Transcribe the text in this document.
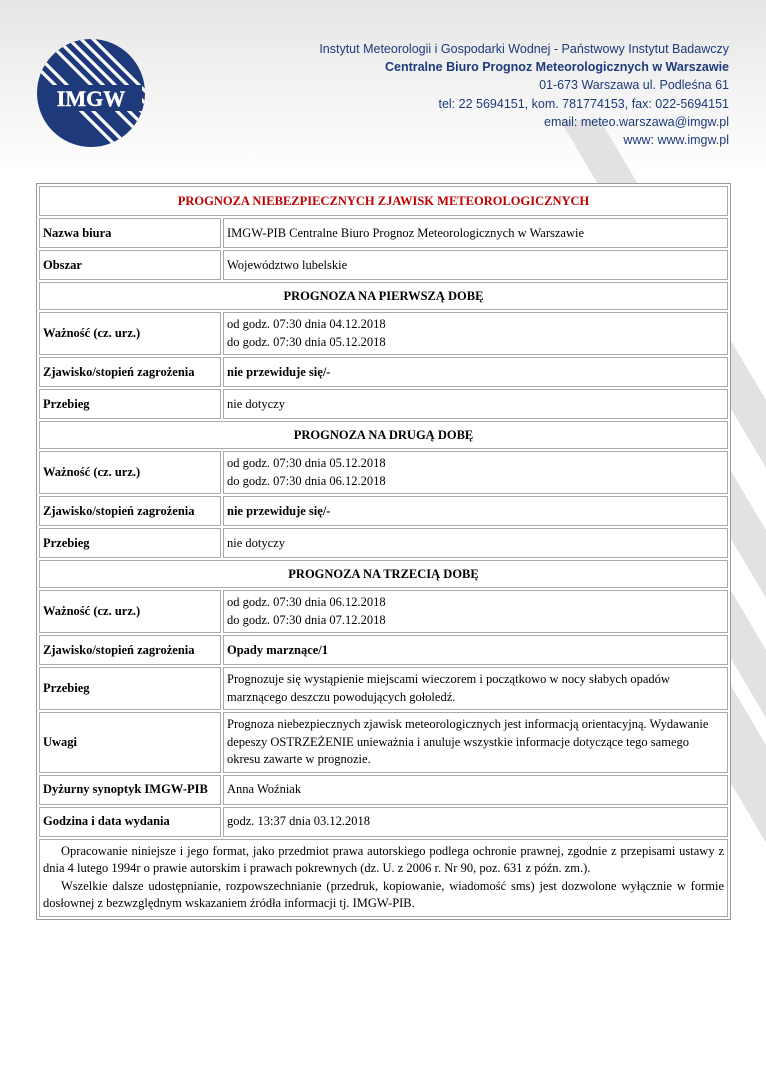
IMGW
Instytut Meteorologii i Gospodarki Wodnej - Państwowy Instytut Badawczy
Centralne Biuro Prognoz Meteorologicznych w Warszawie
01-673 Warszawa ul. Podleśna 61
tel: 22 5694151, kom. 781774153, fax: 022-5694151
email: meteo.warszawa@imgw.pl
www: www.imgw.pl
PROGNOZA NIEBEZPIECZNYCH ZJAWISK METEOROLOGICZNYCH	
Nazwa biura	IMGW-PIB Centralne Biuro Prognoz Meteorologicznych w Warszawie
Obszar	Województwo lubelskie
PROGNOZA NA PIERWSZĄ DOBĘ	
Ważność (cz. urz.)	od godz. 07:30 dnia 04.12.2018
do godz. 07:30 dnia 05.12.2018

Zjawisko/stopień zagrożenia	nie przewiduje się/-
Przebieg	nie dotyczy
PROGNOZA NA DRUGĄ DOBĘ	
Ważność (cz. urz.)	od godz. 07:30 dnia 05.12.2018
do godz. 07:30 dnia 06.12.2018

Zjawisko/stopień zagrożenia	nie przewiduje się/-
Przebieg	nie dotyczy
PROGNOZA NA TRZECIĄ DOBĘ	
Ważność (cz. urz.)	od godz. 07:30 dnia 06.12.2018
do godz. 07:30 dnia 07.12.2018

Zjawisko/stopień zagrożenia	Opady marznące/1
Przebieg	Prognozuje się wystąpienie miejscami wieczorem i początkowo w nocy słabych opadów marznącego deszczu powodujących gołoledź.
Uwagi	Prognoza niebezpiecznych zjawisk meteorologicznych jest informacją orientacyjną. Wydawanie depeszy OSTRZEŻENIE unieważnia i anuluje wszystkie informacje dotyczące tego samego okresu zawarte w prognozie.
Dyżurny synoptyk IMGW-PIB	Anna Woźniak
Godzina i data wydania	godz. 13:37 dnia 03.12.2018

Opracowanie niniejsze i jego format, jako przedmiot prawa autorskiego podlega ochronie prawnej, zgodnie z przepisami ustawy z dnia 4 lutego 1994r o prawie autorskim i prawach pokrewnych (dz. U. z 2006 r. Nr 90, poz. 631 z późn. zm.).

Wszelkie dalsze udostępnianie, rozpowszechnianie (przedruk, kopiowanie, wiadomość sms) jest dozwolone wyłącznie w formie dosłownej z bezwzględnym wskazaniem źródła informacji tj. IMGW-PIB.	
